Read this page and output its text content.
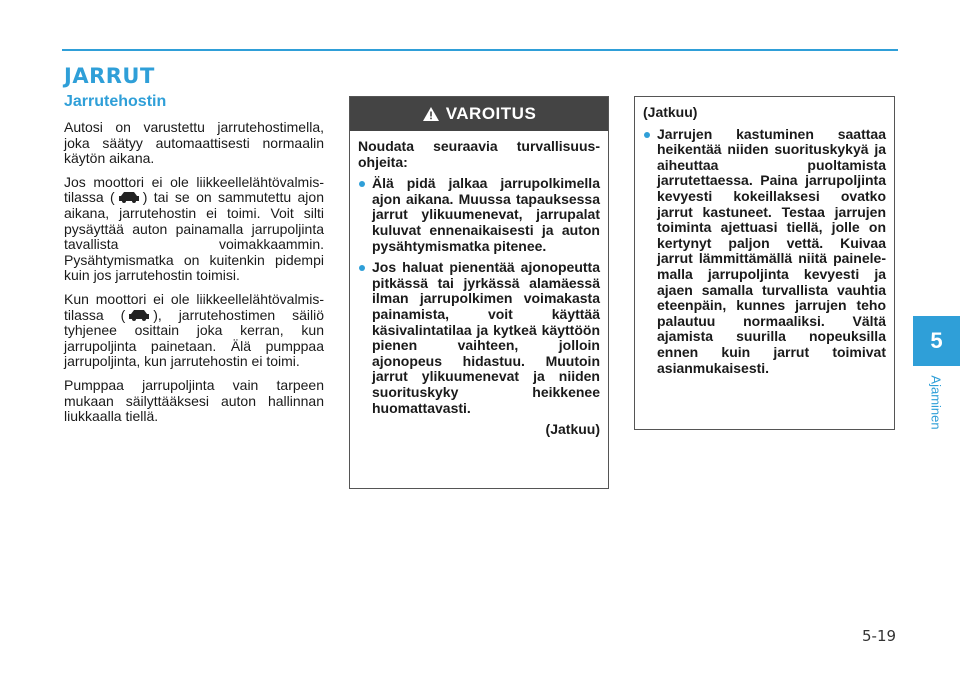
JARRUT
Jarrutehostin

Autosi on varustettu jarrutehostimella, joka säätyy automaattisesti normaalin käytön aikana.

Jos moottori ei ole liikkeellelähtövalmis-tilassa ( ) tai se on sammutettu ajon aikana, jarrutehostin ei toimi. Voit silti pysäyttää auton painamalla jarrupoljinta tavallista voimakkaammin. Pysähtymismatka on kuitenkin pidempi kuin jos jarrutehostin toimisi.

Kun moottori ei ole liikkeellelähtövalmis-tilassa ( ), jarrutehostimen säiliö tyhjenee osittain joka kerran, kun jarrupoljinta painetaan. Älä pumppaa jarrupoljinta, kun jarrutehostin ei toimi.

Pumppaa jarrupoljinta vain tarpeen mukaan säilyttääksesi auton hallinnan liukkaalla tiellä.

VAROITUS

Noudata seuraavia turvallisuusohjeita:

Älä pidä jalkaa jarrupolkimella ajon aikana. Muussa tapauksessa jarrut ylikuumenevat, jarrupalat kuluvat ennenaikaisesti ja auton pysähtymismatka pitenee.
Jos haluat pienentää ajonopeutta pitkässä tai jyrkässä alamäessä ilman jarrupolkimen voimakasta painamista, voit käyttää käsivalintatilaa ja kytkeä käyttöön pienen vaihteen, jolloin ajonopeus hidastuu. Muutoin jarrut ylikuumenevat ja niiden suorituskyky heikkenee huomattavasti.
(Jatkuu)

(Jatkuu)

Jarrujen kastuminen saattaa heikentää niiden suorituskykyä ja aiheuttaa puoltamista jarrutettaessa. Paina jarrupoljinta kevyesti kokeillaksesi ovatko jarrut kastuneet. Testaa jarrujen toiminta ajettuasi tiellä, jolle on kertynyt paljon vettä. Kuivaa jarrut lämmittämällä niitä painelemalla jarrupoljinta kevyesti ja ajaen samalla turvallista vauhtia eteenpäin, kunnes jarrujen teho palautuu normaaliksi. Vältä ajamista suurilla nopeuksilla ennen kuin jarrut toimivat asianmukaisesti.
5
Ajaminen
5-19
